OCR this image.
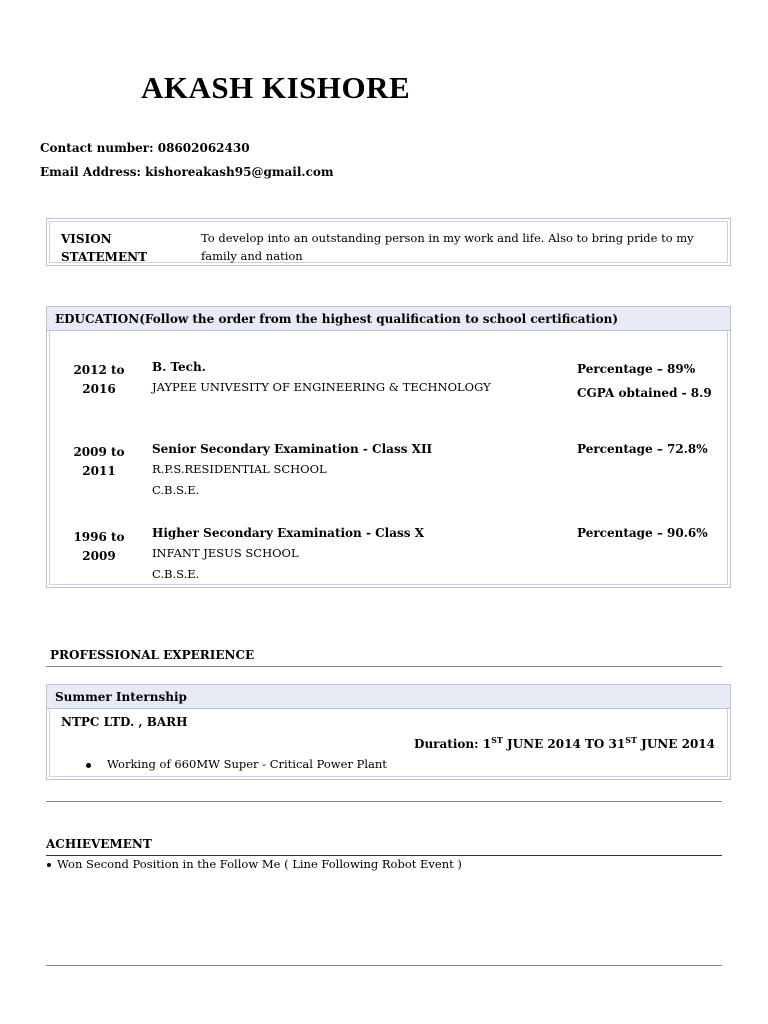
AKASH KISHORE
Contact number: 08602062430
Email Address: kishoreakash95@gmail.com
VISION
STATEMENT
To develop into an outstanding person in my work and life. Also to bring pride to my
family and nation
EDUCATION(Follow the order from the highest qualification to school certification)
2012 to
2016
B. Tech.
JAYPEE UNIVESITY OF ENGINEERING & TECHNOLOGY
Percentage – 89%
CGPA obtained - 8.9
2009 to
2011
Senior Secondary Examination - Class XII
R.P.S.RESIDENTIAL SCHOOL
C.B.S.E.
Percentage – 72.8%
1996 to
2009
Higher Secondary Examination - Class X
INFANT JESUS SCHOOL
C.B.S.E.
Percentage – 90.6%
PROFESSIONAL EXPERIENCE
Summer Internship
NTPC LTD. , BARH
Duration: 1ST JUNE 2014 TO 31ST JUNE 2014
Working of 660MW Super - Critical Power Plant
ACHIEVEMENT
Won Second Position in the Follow Me ( Line Following Robot Event )
